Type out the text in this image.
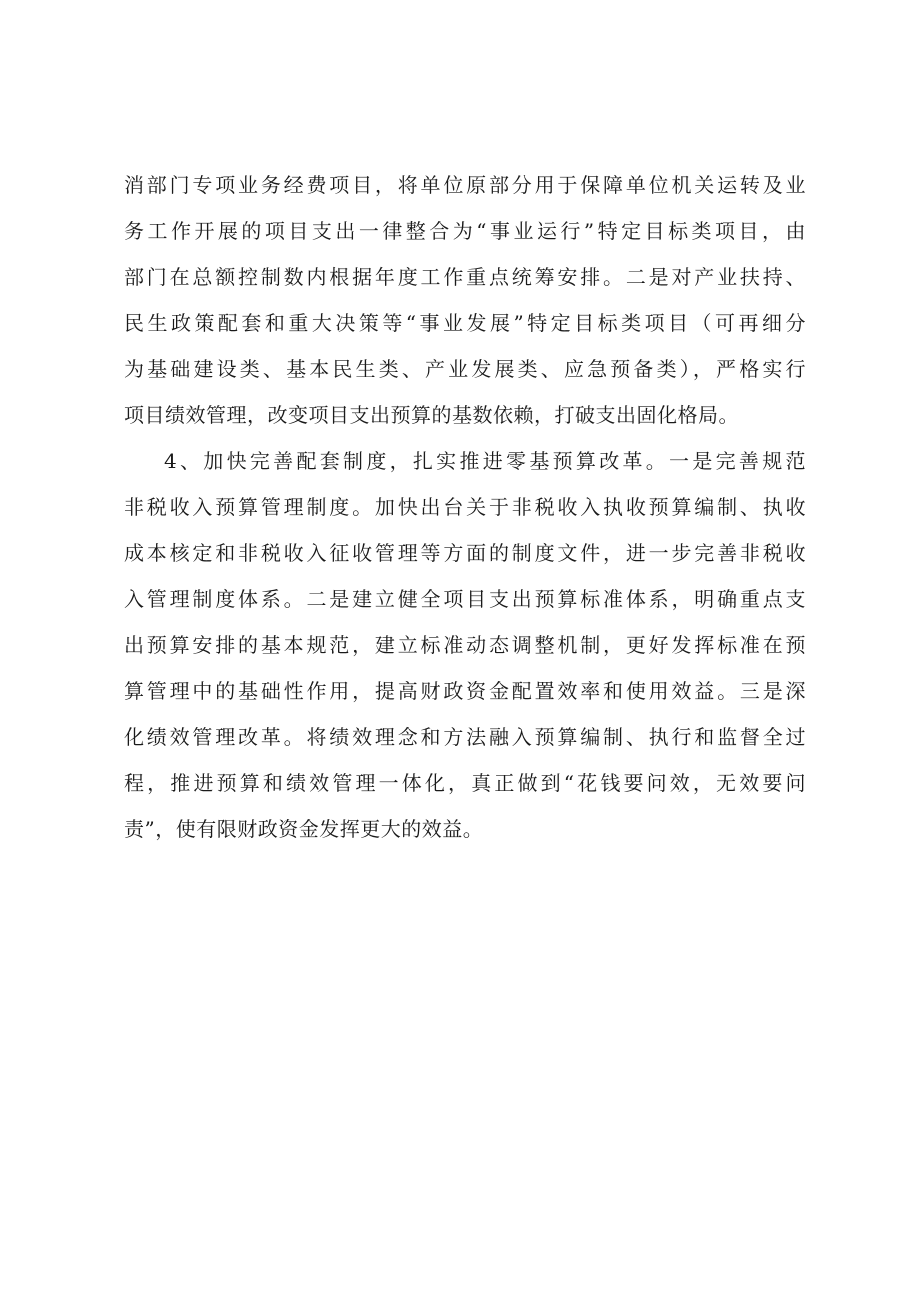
消部门专项业务经费项目，将单位原部分用于保障单位机关运转及业
务工作开展的项目支出一律整合为“事业运行”特定目标类项目，由
部门在总额控制数内根据年度工作重点统筹安排。二是对产业扶持、
民生政策配套和重大决策等“事业发展”特定目标类项目（可再细分
为基础建设类、基本民生类、产业发展类、应急预备类），严格实行
项目绩效管理，改变项目支出预算的基数依赖，打破支出固化格局。
4、加快完善配套制度，扎实推进零基预算改革。一是完善规范
非税收入预算管理制度。加快出台关于非税收入执收预算编制、执收
成本核定和非税收入征收管理等方面的制度文件，进一步完善非税收
入管理制度体系。二是建立健全项目支出预算标准体系，明确重点支
出预算安排的基本规范，建立标准动态调整机制，更好发挥标准在预
算管理中的基础性作用，提高财政资金配置效率和使用效益。三是深
化绩效管理改革。将绩效理念和方法融入预算编制、执行和监督全过
程，推进预算和绩效管理一体化，真正做到“花钱要问效，无效要问
责”，使有限财政资金发挥更大的效益。
